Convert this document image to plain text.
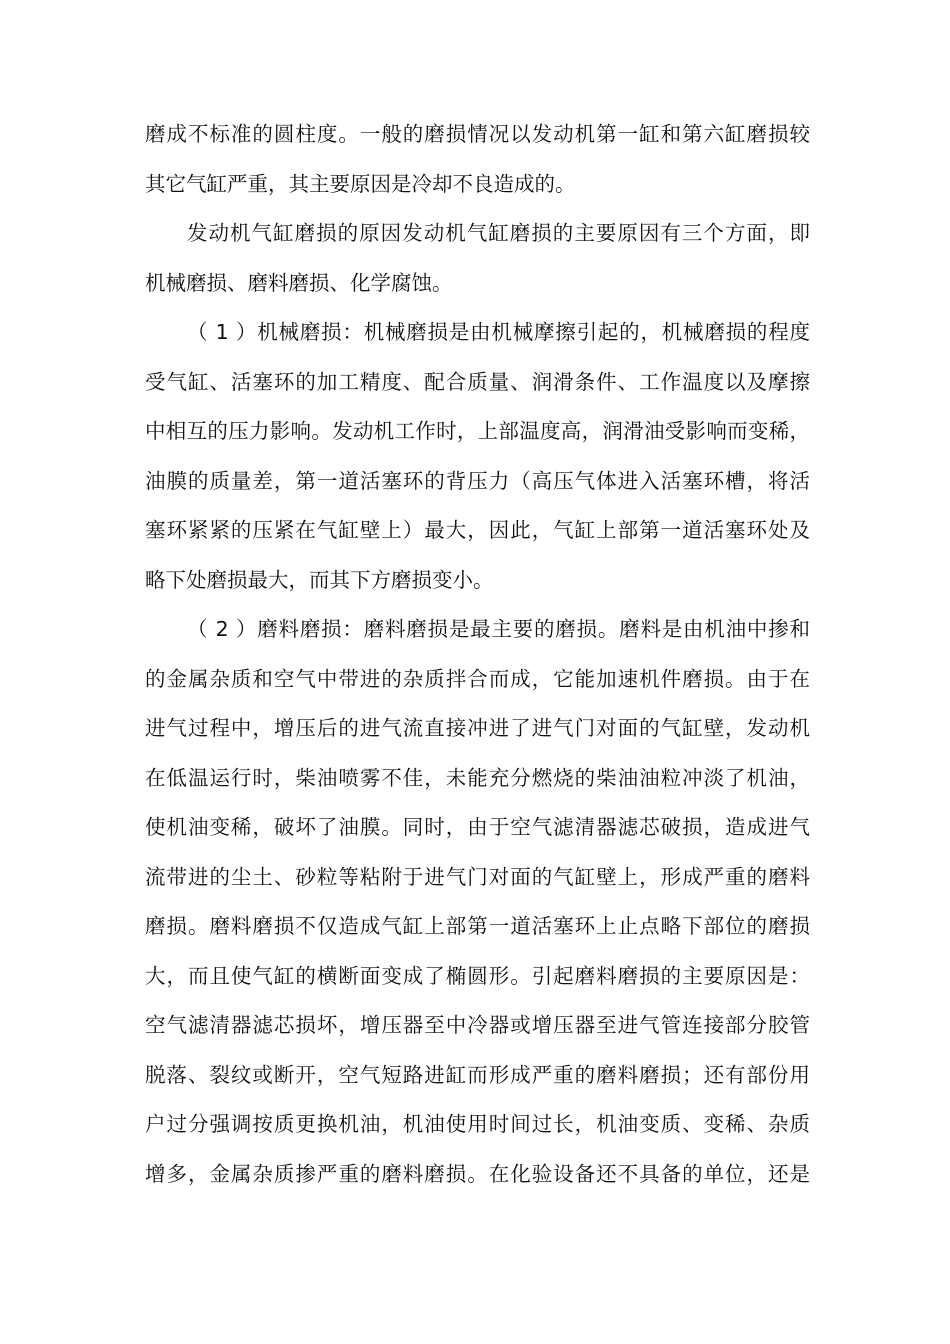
磨成不标准的圆柱度。一般的磨损情况以发动机第一缸和第六缸磨损较
其它气缸严重，其主要原因是冷却不良造成的。
发动机气缸磨损的原因发动机气缸磨损的主要原因有三个方面，即
机械磨损、磨料磨损、化学腐蚀。
（ 1 ）机械磨损：机械磨损是由机械摩擦引起的，机械磨损的程度
受气缸、活塞环的加工精度、配合质量、润滑条件、工作温度以及摩擦
中相互的压力影响。发动机工作时，上部温度高，润滑油受影响而变稀，
油膜的质量差，第一道活塞环的背压力（高压气体进入活塞环槽，将活
塞环紧紧的压紧在气缸壁上）最大，因此，气缸上部第一道活塞环处及
略下处磨损最大，而其下方磨损变小。
（ 2 ）磨料磨损：磨料磨损是最主要的磨损。磨料是由机油中掺和
的金属杂质和空气中带进的杂质拌合而成，它能加速机件磨损。由于在
进气过程中，增压后的进气流直接冲进了进气门对面的气缸壁，发动机
在低温运行时，柴油喷雾不佳，未能充分燃烧的柴油油粒冲淡了机油，
使机油变稀，破坏了油膜。同时，由于空气滤清器滤芯破损，造成进气
流带进的尘土、砂粒等粘附于进气门对面的气缸壁上，形成严重的磨料
磨损。磨料磨损不仅造成气缸上部第一道活塞环上止点略下部位的磨损
大，而且使气缸的横断面变成了椭圆形。引起磨料磨损的主要原因是：
空气滤清器滤芯损坏，增压器至中冷器或增压器至进气管连接部分胶管
脱落、裂纹或断开，空气短路进缸而形成严重的磨料磨损；还有部份用
户过分强调按质更换机油，机油使用时间过长，机油变质、变稀、杂质
增多，金属杂质掺严重的磨料磨损。在化验设备还不具备的单位，还是
